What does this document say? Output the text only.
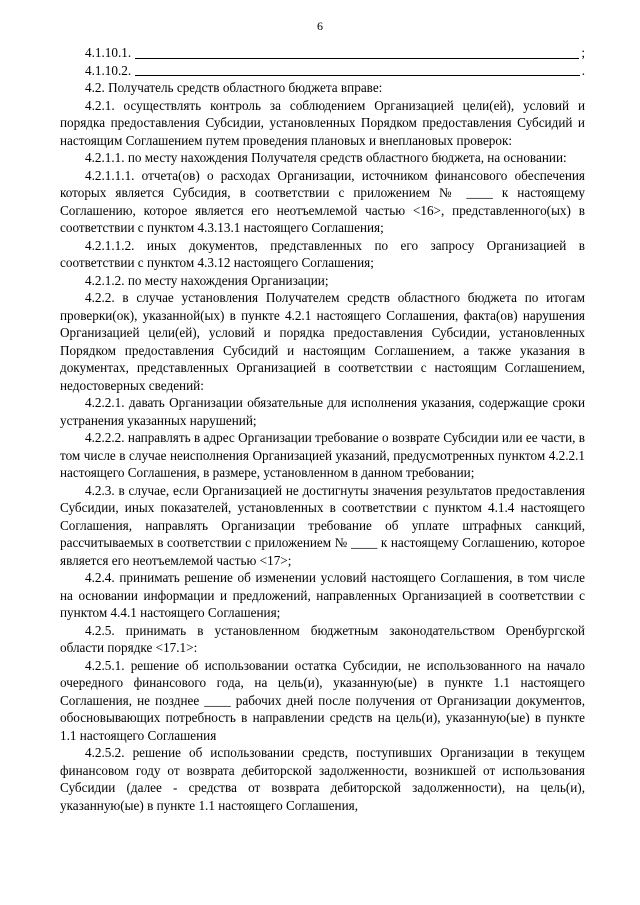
6
4.1.10.1.	;
4.1.10.2.	.

4.2. Получатель средств областного бюджета вправе:

4.2.1. осуществлять контроль за соблюдением Организацией цели(ей), условий и порядка предоставления Субсидии, установленных Порядком предоставления Субсидий и настоящим Соглашением путем проведения плановых и внеплановых проверок:

4.2.1.1. по месту нахождения Получателя средств областного бюджета, на основании:

4.2.1.1.1. отчета(ов) о расходах Организации, источником финансового обеспечения которых является Субсидия, в соответствии с приложением № ____ к настоящему Соглашению, которое является его неотъемлемой частью <16>, представленного(ых) в соответствии с пунктом 4.3.13.1 настоящего Соглашения;

4.2.1.1.2. иных документов, представленных по его запросу Организацией в соответствии с пунктом 4.3.12 настоящего Соглашения;

4.2.1.2. по месту нахождения Организации;

4.2.2. в случае установления Получателем средств областного бюджета по итогам проверки(ок), указанной(ых) в пункте 4.2.1 настоящего Соглашения, факта(ов) нарушения Организацией цели(ей), условий и порядка предоставления Субсидии, установленных Порядком предоставления Субсидий и настоящим Соглашением, а также указания в документах, представленных Организацией в соответствии с настоящим Соглашением, недостоверных сведений:

4.2.2.1. давать Организации обязательные для исполнения указания, содержащие сроки устранения указанных нарушений;

4.2.2.2. направлять в адрес Организации требование о возврате Субсидии или ее части, в том числе в случае неисполнения Организацией указаний, предусмотренных пунктом 4.2.2.1 настоящего Соглашения, в размере, установленном в данном требовании;

4.2.3. в случае, если Организацией не достигнуты значения результатов предоставления Субсидии, иных показателей, установленных в соответствии с пунктом 4.1.4 настоящего Соглашения, направлять Организации требование об уплате штрафных санкций, рассчитываемых в соответствии с приложением № ____ к настоящему Соглашению, которое является его неотъемлемой частью <17>;

4.2.4. принимать решение об изменении условий настоящего Соглашения, в том числе на основании информации и предложений, направленных Организацией в соответствии с пунктом 4.4.1 настоящего Соглашения;

4.2.5. принимать в установленном бюджетным законодательством Оренбургской области порядке <17.1>:

4.2.5.1. решение об использовании остатка Субсидии, не использованного на начало очередного финансового года, на цель(и), указанную(ые) в пункте 1.1 настоящего Соглашения, не позднее ____ рабочих дней после получения от Организации документов, обосновывающих потребность в направлении средств на цель(и), указанную(ые) в пункте 1.1 настоящего Соглашения

4.2.5.2. решение об использовании средств, поступивших Организации в текущем финансовом году от возврата дебиторской задолженности, возникшей от использования Субсидии (далее - средства от возврата дебиторской задолженности), на цель(и), указанную(ые) в пункте 1.1 настоящего Соглашения,
